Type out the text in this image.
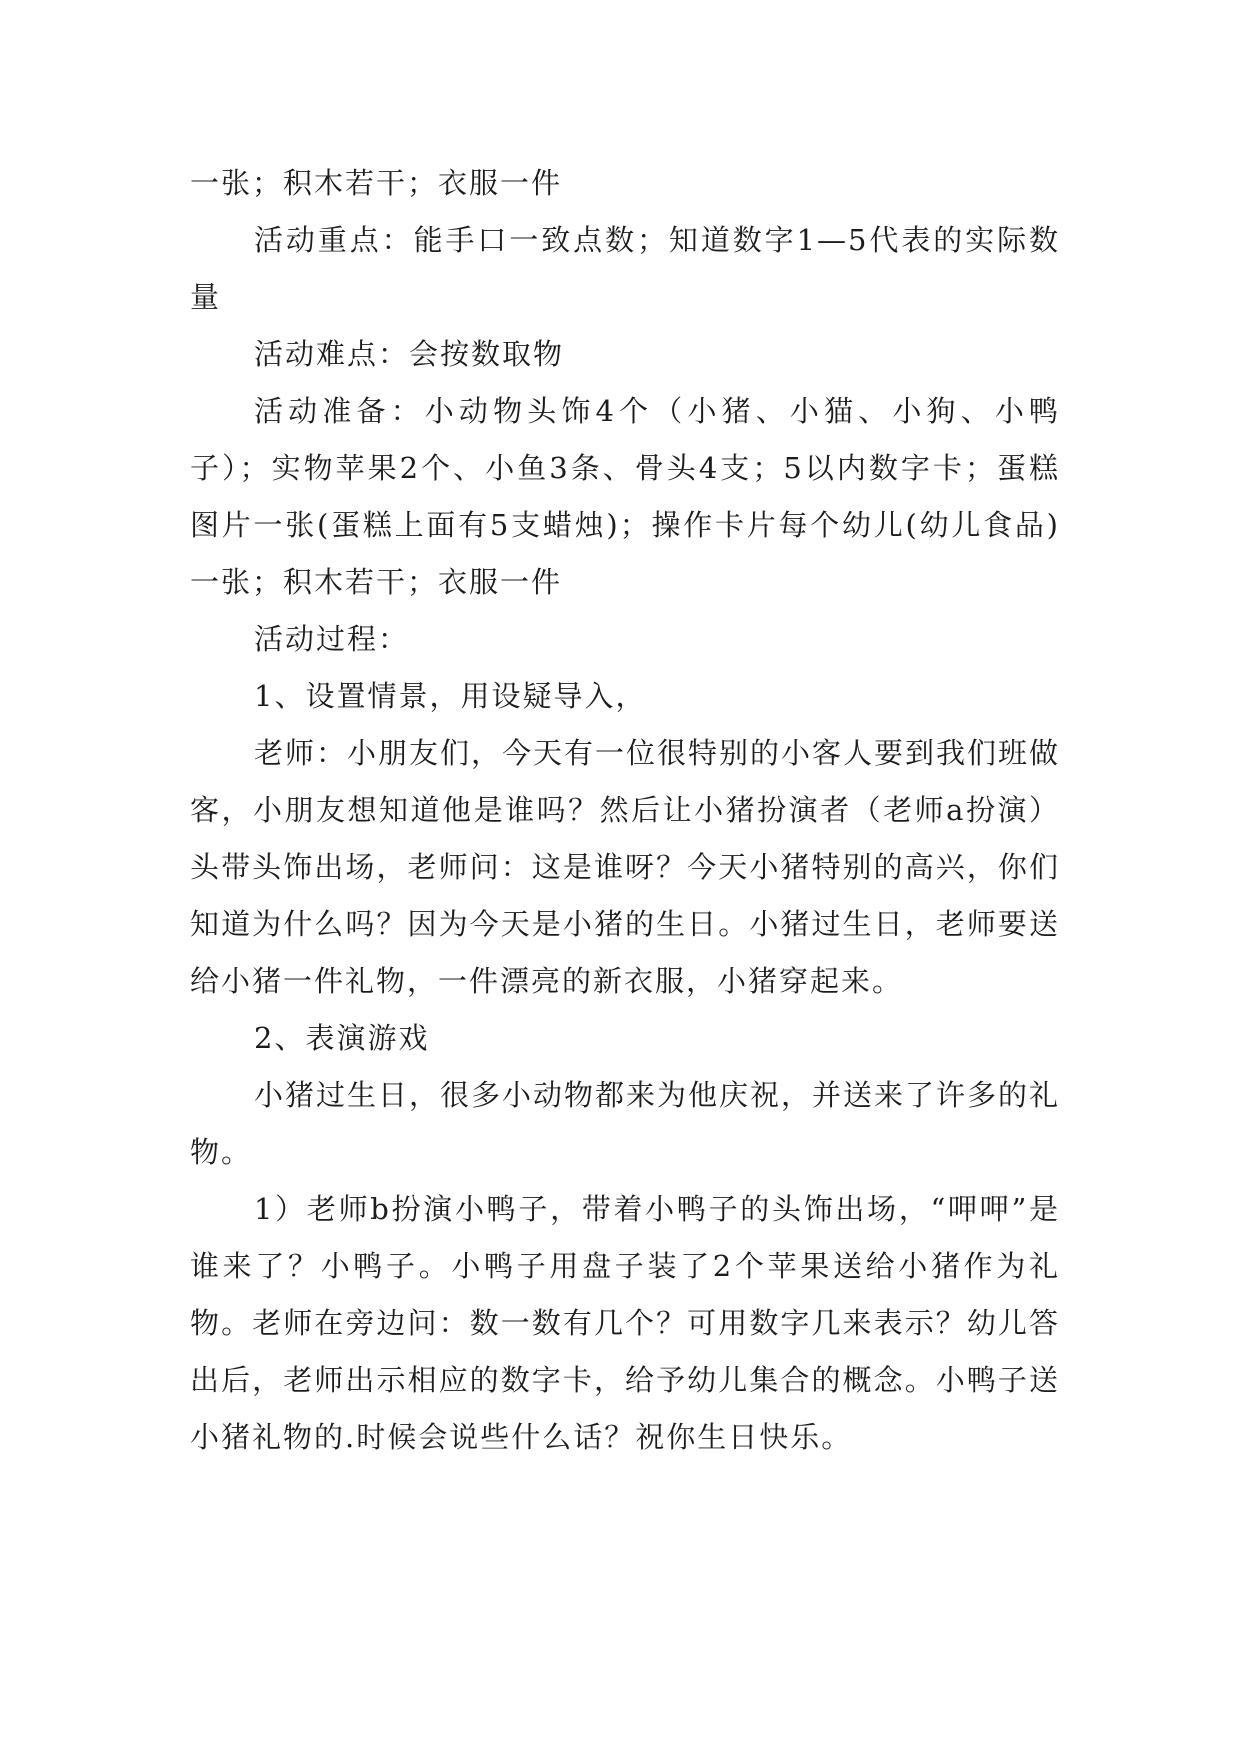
一张；积木若干；衣服一件

活动重点：能手口一致点数；知道数字1—5代表的实际数量

活动难点：会按数取物

活动准备：小动物头饰4个（小猪、小猫、小狗、小鸭子）；实物苹果2个、小鱼3条、骨头4支；5以内数字卡；蛋糕图片一张(蛋糕上面有5支蜡烛)；操作卡片每个幼儿(幼儿食品)一张；积木若干；衣服一件

活动过程：

1、设置情景，用设疑导入，

老师：小朋友们，今天有一位很特别的小客人要到我们班做客，小朋友想知道他是谁吗？然后让小猪扮演者（老师a扮演）头带头饰出场，老师问：这是谁呀？今天小猪特别的高兴，你们知道为什么吗？因为今天是小猪的生日。小猪过生日，老师要送给小猪一件礼物，一件漂亮的新衣服，小猪穿起来。

2、表演游戏

小猪过生日，很多小动物都来为他庆祝，并送来了许多的礼物。

1）老师b扮演小鸭子，带着小鸭子的头饰出场，“呷呷”是谁来了？小鸭子。小鸭子用盘子装了2个苹果送给小猪作为礼物。老师在旁边问：数一数有几个？可用数字几来表示？幼儿答出后，老师出示相应的数字卡，给予幼儿集合的概念。小鸭子送小猪礼物的.时候会说些什么话？祝你生日快乐。
